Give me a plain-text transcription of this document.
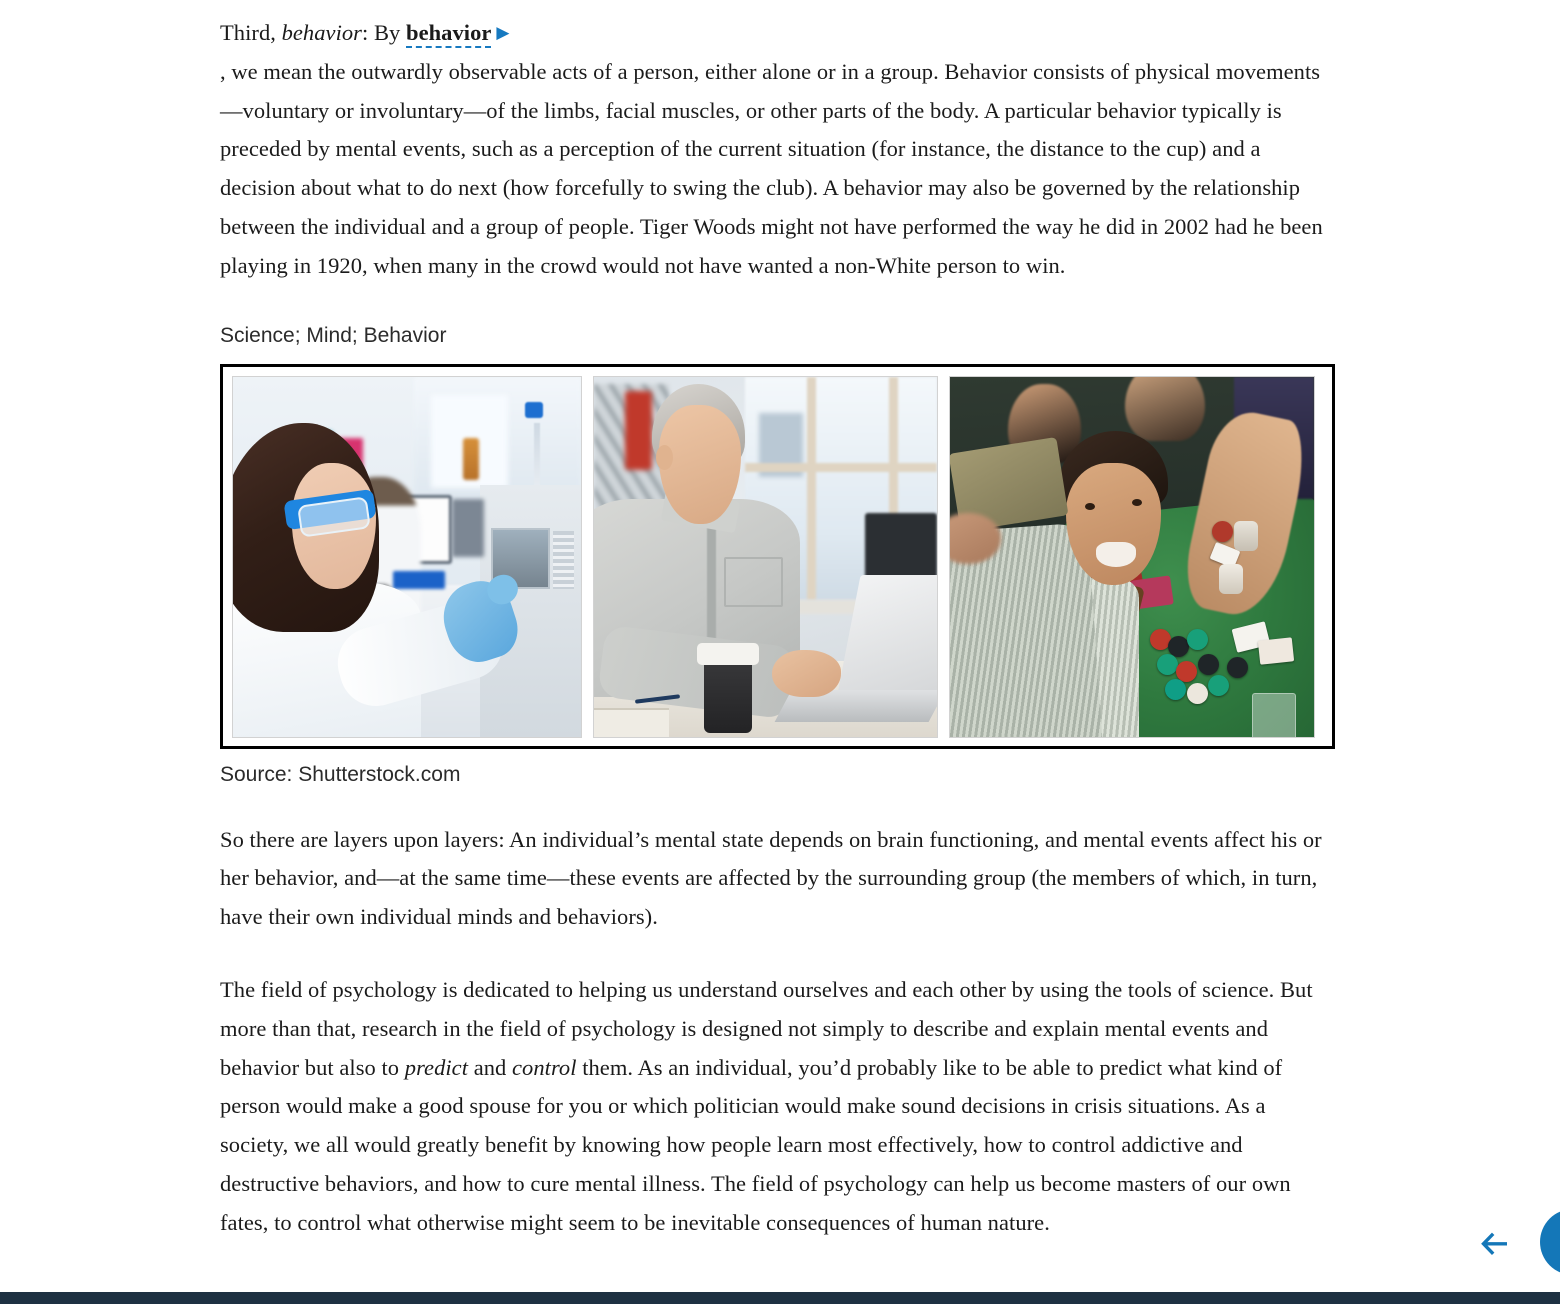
Third, behavior: By behavior ▶

, we mean the outwardly observable acts of a person, either alone or in a group. Behavior consists of physical movements—voluntary or involuntary—of the limbs, facial muscles, or other parts of the body. A particular behavior typically is preceded by mental events, such as a perception of the current situation (for instance, the distance to the cup) and a decision about what to do next (how forcefully to swing the club). A behavior may also be governed by the relationship between the individual and a group of people. Tiger Woods might not have performed the way he did in 2002 had he been playing in 1920, when many in the crowd would not have wanted a non-White person to win.

Science; Mind; Behavior

Source: Shutterstock.com

So there are layers upon layers: An individual’s mental state depends on brain functioning, and mental events affect his or her behavior, and—at the same time—these events are affected by the surrounding group (the members of which, in turn, have their own individual minds and behaviors).

The field of psychology is dedicated to helping us understand ourselves and each other by using the tools of science. But more than that, research in the field of psychology is designed not simply to describe and explain mental events and behavior but also to predict and control them. As an individual, you’d probably like to be able to predict what kind of person would make a good spouse for you or which politician would make sound decisions in crisis situations. As a society, we all would greatly benefit by knowing how people learn most effectively, how to control addictive and destructive behaviors, and how to cure mental illness. The field of psychology can help us become masters of our own fates, to control what otherwise might seem to be inevitable consequences of human nature.
